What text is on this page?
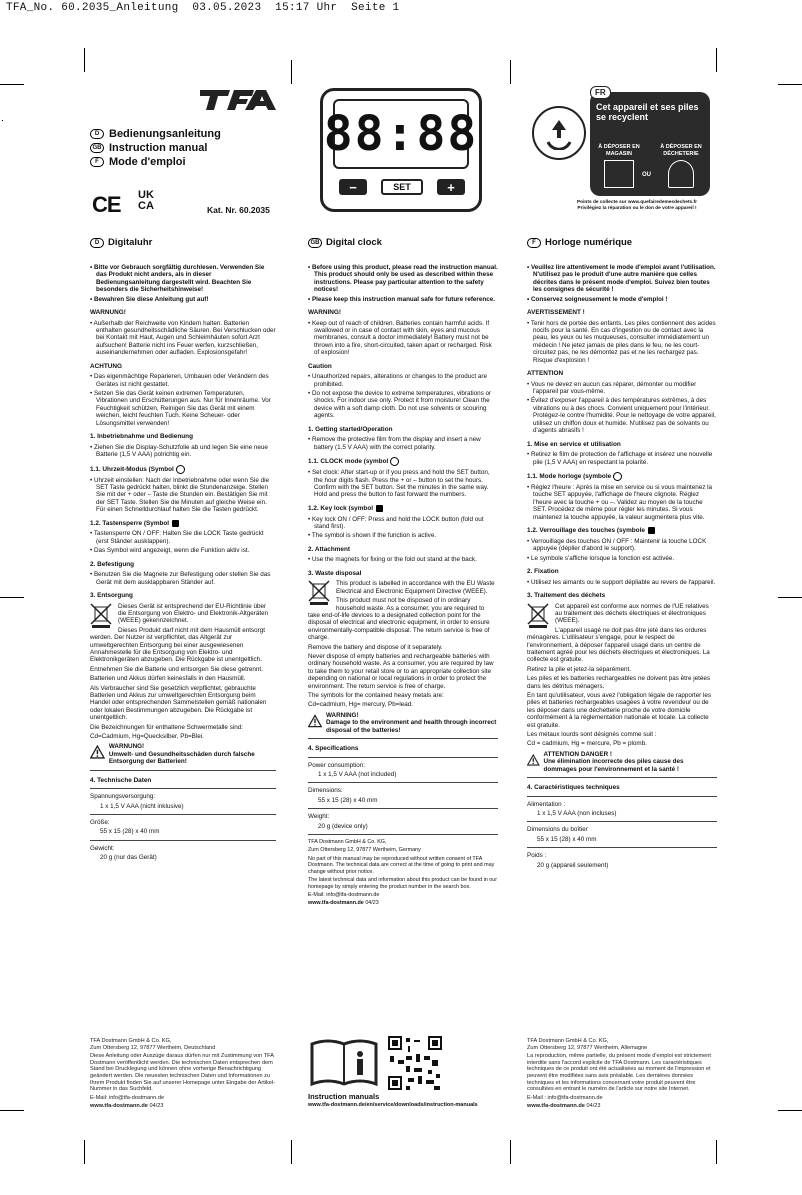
TFA_No. 60.2035_Anleitung 03.05.2023 15:17 Uhr Seite 1
D Bedienungsanleitung
GB Instruction manual
F Mode d'emploi
CE UK
CA	Kat. Nr. 60.2035
88:88
−	SET	+
FR
Cet appareil et ses piles se recyclent
À DÉPOSER EN MAGASIN
OU
À DÉPOSER EN DÉCHETERIE
Points de collecte sur www.quefairedemesdechets.fr
Privilégiez la réparation ou le don de votre appareil !
D Digitaluhr	GB Digital clock	F Horloge numérique

• Bitte vor Gebrauch sorgfältig durchlesen. Verwenden Sie das Produkt nicht anders, als in dieser Bedienungsanleitung dargestellt wird. Beachten Sie besonders die Sicherheitshinweise!

• Bewahren Sie diese Anleitung gut auf!

WARNUNG!

• Außerhalb der Reichweite von Kindern halten. Batterien enthalten gesundheitsschädliche Säuren. Bei Verschlucken oder bei Kontakt mit Haut, Augen und Schleimhäuten sofort Arzt aufsuchen! Batterie nicht ins Feuer werfen, kurzschließen, auseinandernehmen oder aufladen. Explosionsgefahr!

ACHTUNG

• Das eigenmächtige Reparieren, Umbauen oder Verändern des Gerätes ist nicht gestattet.

• Setzen Sie das Gerät keinen extremen Temperaturen, Vibrationen und Erschütterungen aus. Nur für Innenräume. Vor Feuchtigkeit schützen, Reinigen Sie das Gerät mit einem weichen, leicht feuchten Tuch. Keine Scheuer- oder Lösungsmittel verwenden!

1. Inbetriebnahme und Bedienung

• Ziehen Sie die Display-Schutzfolie ab und legen Sie eine neue Batterie (1,5 V AAA) polrichtig ein.

1.1. Uhrzeit-Modus (Symbol

• Uhrzeit einstellen: Nach der Inbetriebnahme oder wenn Sie die SET Taste gedrückt halten, blinkt die Stundenanzeige. Stellen Sie mit der + oder – Taste die Stunden ein. Bestätigen Sie mit der SET Taste. Stellen Sie die Minuten auf gleiche Weise ein. Für einen Schnelldurchlauf halten Sie die Tasten gedrückt.

1.2. Tastensperre (Symbol

• Tastensperre ON / OFF: Halten Sie die LOCK Taste gedrückt (erst Ständer ausklappen).

• Das Symbol wird angezeigt, wenn die Funktion aktiv ist.

2. Befestigung

• Benutzen Sie die Magnete zur Befestigung oder stellen Sie das Gerät mit dem ausklappbaren Ständer auf.

3. Entsorgung

Dieses Gerät ist entsprechend der EU-Richtlinie über die Entsorgung von Elektro- und Elektronik-Altgeräten (WEEE) gekennzeichnet.

Dieses Produkt darf nicht mit dem Hausmüll entsorgt werden. Der Nutzer ist verpflichtet, das Altgerät zur umweltgerechten Entsorgung bei einer ausgewiesenen Annahmestelle für die Entsorgung von Elektro- und Elektronikgeräten abzugeben. Die Rückgabe ist unentgeltlich.

Entnehmen Sie die Batterie und entsorgen Sie diese getrennt.

Batterien und Akkus dürfen keinesfalls in den Hausmüll.

Als Verbraucher sind Sie gesetzlich verpflichtet, gebrauchte Batterien und Akkus zur umweltgerechten Entsorgung beim Handel oder entsprechenden Sammelstellen gemäß nationalen oder lokalen Bestimmungen abzugeben. Die Rückgabe ist unentgeltlich.

Die Bezeichnungen für enthaltene Schwermetalle sind:

Cd=Cadmium, Hg=Quecksilber, Pb=Blei.

WARNUNG!
Umwelt- und Gesundheitsschäden durch falsche Entsorgung der Batterien!
4. Technische Daten

Spannungsversorgung:

1 x 1,5 V AAA (nicht inklusive)

Größe:

55 x 15 (28) x 40 mm

Gewicht:

20 g (nur das Gerät)

• Before using this product, please read the instruction manual. This product should only be used as described within these instructions. Please pay particular attention to the safety notices!

• Please keep this instruction manual safe for future reference.

WARNING!

• Keep out of reach of children. Batteries contain harmful acids. If swallowed or in case of contact with skin, eyes and mucous membranes, consult a doctor immediately! Battery must not be thrown into a fire, short-circuited, taken apart or recharged. Risk of explosion!

Caution

• Unauthorized repairs, alterations or changes to the product are prohibited.

• Do not expose the device to extreme temperatures, vibrations or shocks. For indoor use only. Protect it from moisture! Clean the device with a soft damp cloth. Do not use solvents or scouring agents.

1. Getting started/Operation

• Remove the protective film from the display and insert a new battery (1.5 V AAA) with the correct polarity.

1.1. CLOCK mode (symbol

• Set clock: After start-up or if you press and hold the SET button, the hour digits flash. Press the + or – button to set the hours. Confirm with the SET button. Set the minutes in the same way. Hold and press the button to fast forward the numbers.

1.2. Key lock (symbol

• Key lock ON / OFF: Press and hold the LOCK button (fold out stand first).

• The symbol is shown if the function is active.

2. Attachment

• Use the magnets for fixing or the fold out stand at the back.

3. Waste disposal

This product is labelled in accordance with the EU Waste Electrical and Electronic Equipment Directive (WEEE).

This product must not be disposed of in ordinary household waste. As a consumer, you are required to take end-of-life devices to a designated collection point for the disposal of electrical and electronic equipment, in order to ensure environmentally-compatible disposal. The return service is free of charge.

Remove the battery and dispose of it separately.

Never dispose of empty batteries and rechargeable batteries with ordinary household waste. As a consumer, you are required by law to take them to your retail store or to an appropriate collection site depending on national or local regulations in order to protect the environment. The return service is free of charge.

The symbols for the contained heavy metals are:

Cd=cadmium, Hg= mercury, Pb=lead.

WARNING!
Damage to the environment and health through incorrect disposal of the batteries!
4. Specifications

Power consumption:

1 x 1,5 V AAA (not included)

Dimensions:

55 x 15 (28) x 40 mm

Weight:

20 g (device only)

TFA Dostmann GmbH & Co. KG,

Zum Ottersberg 12, 97877 Wertheim, Germany

No part of this manual may be reproduced without written consent of TFA Dostmann. The technical data are correct at the time of going to print and may change without prior notice.

The latest technical data and information about this product can be found in our homepage by simply entering the product number in the search box.

E-Mail: info@tfa-dostmann.de

www.tfa-dostmann.de 04/23

• Veuillez lire attentivement le mode d'emploi avant l'utilisation. N'utilisez pas le produit d'une autre manière que celles décrites dans le présent mode d'emploi. Suivez bien toutes les consignes de sécurité !

• Conservez soigneusement le mode d'emploi !

AVERTISSEMENT !

• Tenir hors de portée des enfants. Les piles contiennent des acides nocifs pour la santé. En cas d'ingestion ou de contact avec la peau, les yeux ou les muqueuses, consulter immédiatement un médecin ! Ne jetez jamais de piles dans le feu, ne les court-circuitez pas, ne les démontez pas et ne les rechargez pas. Risque d'explosion !

ATTENTION

• Vous ne devez en aucun cas réparer, démonter ou modifier l'appareil par vous-même.

• Évitez d'exposer l'appareil à des températures extrêmes, à des vibrations ou à des chocs. Convient uniquement pour l'intérieur. Protégez-le contre l'humidité. Pour le nettoyage de votre appareil, utilisez un chiffon doux et humide. N'utilisez pas de solvants ou d'agents abrasifs !

1. Mise en service et utilisation

• Retirez le film de protection de l'affichage et insérez une nouvelle pile (1,5 V AAA) en respectant la polarité.

1.1. Mode horloge (symbole

• Réglez l'heure : Après la mise en service ou si vous maintenez la touche SET appuyée, l'affichage de l'heure clignote. Réglez l'heure avec la touche + ou –. Validez au moyen de la touche SET. Procédez de même pour régler les minutes. Si vous maintenez la touche appuyée, la valeur augmentera plus vite.

1.2. Verrouillage des touches (symbole

• Verrouillage des touches ON / OFF : Maintenir la touche LOCK appuyée (déplier d'abord le support).

• Le symbole s'affiche lorsque la fonction est activée.

2. Fixation

• Utilisez les aimants ou le support dépliable au revers de l'appareil.

3. Traitement des déchets

Cet appareil est conforme aux normes de l'UE relatives au traitement des déchets électriques et électroniques (WEEE).

L'appareil usagé ne doit pas être jeté dans les ordures ménagères. L'utilisateur s'engage, pour le respect de l'environnement, à déposer l'appareil usagé dans un centre de traitement agréé pour les déchets électriques et électroniques. La collecte est gratuite.

Retirez la pile et jetez-la séparément.

Les piles et les batteries rechargeables ne doivent pas être jetées dans les détritus ménagers.

En tant qu'utilisateur, vous avez l'obligation légale de rapporter les piles et batteries rechargeables usagées à votre revendeur ou de les déposer dans une déchetterie proche de votre domicile conformément à la réglementation nationale et locale. La collecte est gratuite.

Les métaux lourds sont désignés comme suit :

Cd = cadmium, Hg = mercure, Pb = plomb.

ATTENTION DANGER !
Une élimination incorrecte des piles cause des dommages pour l'environnement et la santé !
4. Caractéristiques techniques

Alimentation :

1 x 1,5 V AAA (non incluses)

Dimensions du boîtier

55 x 15 (28) x 40 mm

Poids :

20 g (appareil seulement)

TFA Dostmann GmbH & Co. KG,

Zum Ottersberg 12, 97877 Wertheim, Deutschland

Diese Anleitung oder Auszüge daraus dürfen nur mit Zustimmung von TFA Dostmann veröffentlicht werden. Die technischen Daten entsprechen dem Stand bei Drucklegung und können ohne vorherige Benachrichtigung geändert werden. Die neuesten technischen Daten und Informationen zu Ihrem Produkt finden Sie auf unserer Homepage unter Eingabe der Artikel-Nummer in das Suchfeld.

E-Mail: info@tfa-dostmann.de

www.tfa-dostmann.de 04/23

Instruction manuals
www.tfa-dostmann.de/en/service/downloads/instruction-manuals

TFA Dostmann GmbH & Co. KG,

Zum Ottersberg 12, 97877 Wertheim, Allemagne

La reproduction, même partielle, du présent mode d'emploi est strictement interdite sans l'accord explicite de TFA Dostmann. Les caractéristiques techniques de ce produit ont été actualisées au moment de l'impression et peuvent être modifiées sans avis préalable. Les dernières données techniques et les informations concernant votre produit peuvent être consultées en entrant le numéro de l'article sur notre site Internet.

E-Mail : info@tfa-dostmann.de

www.tfa-dostmann.de 04/23
